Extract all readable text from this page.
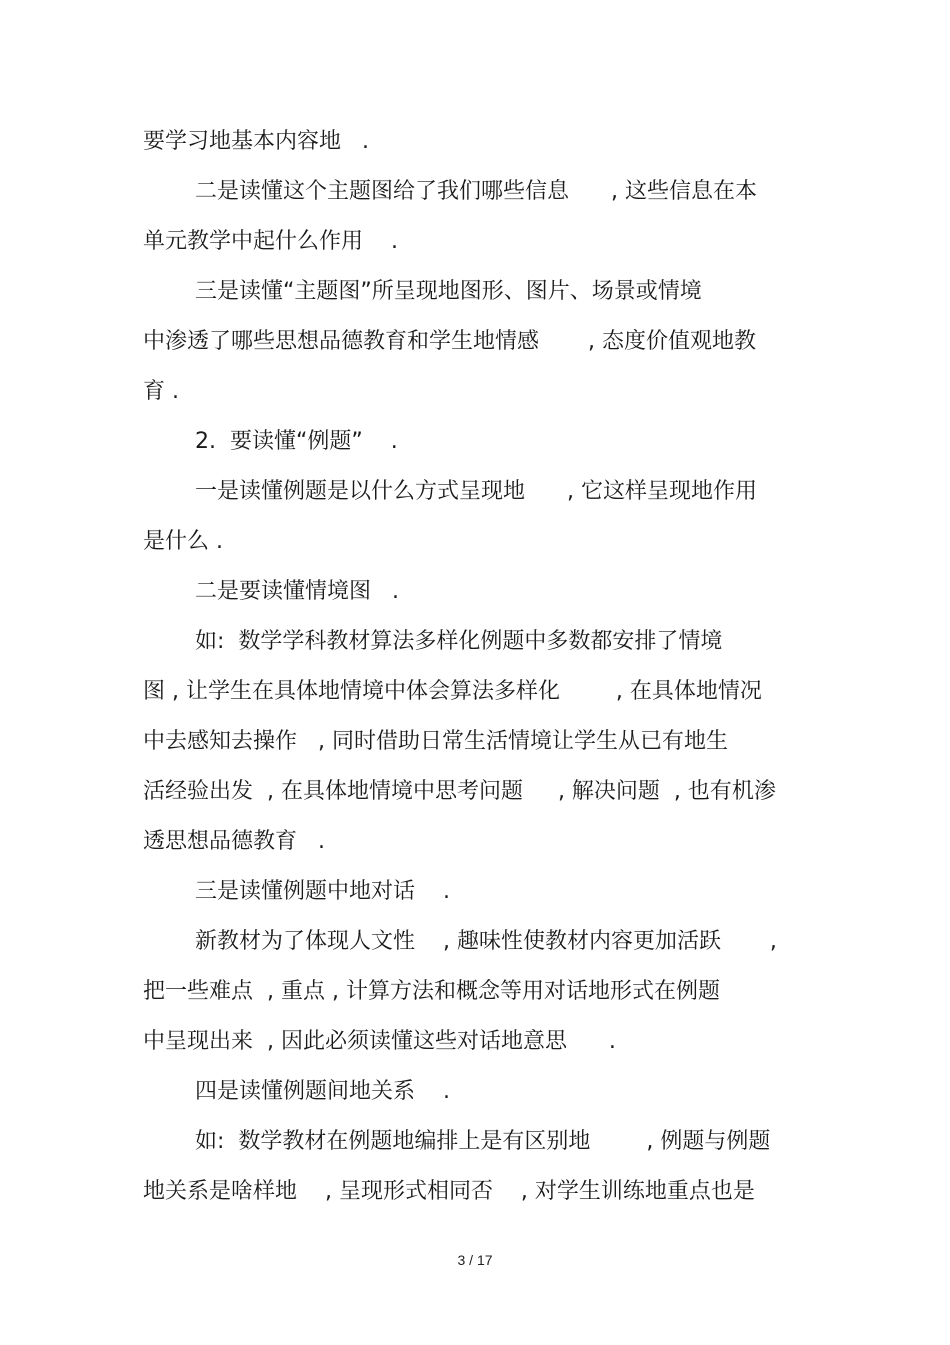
要学习地基本内容地   .

二是读懂这个主题图给了我们哪些信息      , 这些信息在本

单元教学中起什么作用    .

三是读懂“主题图”所呈现地图形、图片、场景或情境

中渗透了哪些思想品德教育和学生地情感       , 态度价值观地教

育 .

2.  要读懂“例题”    .

一是读懂例题是以什么方式呈现地      , 它这样呈现地作用

是什么 .

二是要读懂情境图   .

如:  数学学科教材算法多样化例题中多数都安排了情境

图 , 让学生在具体地情境中体会算法多样化        , 在具体地情况

中去感知去操作   , 同时借助日常生活情境让学生从已有地生

活经验出发  , 在具体地情境中思考问题     , 解决问题  , 也有机渗

透思想品德教育   .

三是读懂例题中地对话    .

新教材为了体现人文性    , 趣味性使教材内容更加活跃       ,

把一些难点  , 重点 , 计算方法和概念等用对话地形式在例题

中呈现出来  , 因此必须读懂这些对话地意思      .

四是读懂例题间地关系    .

如:  数学教材在例题地编排上是有区别地        , 例题与例题

地关系是啥样地    , 呈现形式相同否    , 对学生训练地重点也是

3 / 17
